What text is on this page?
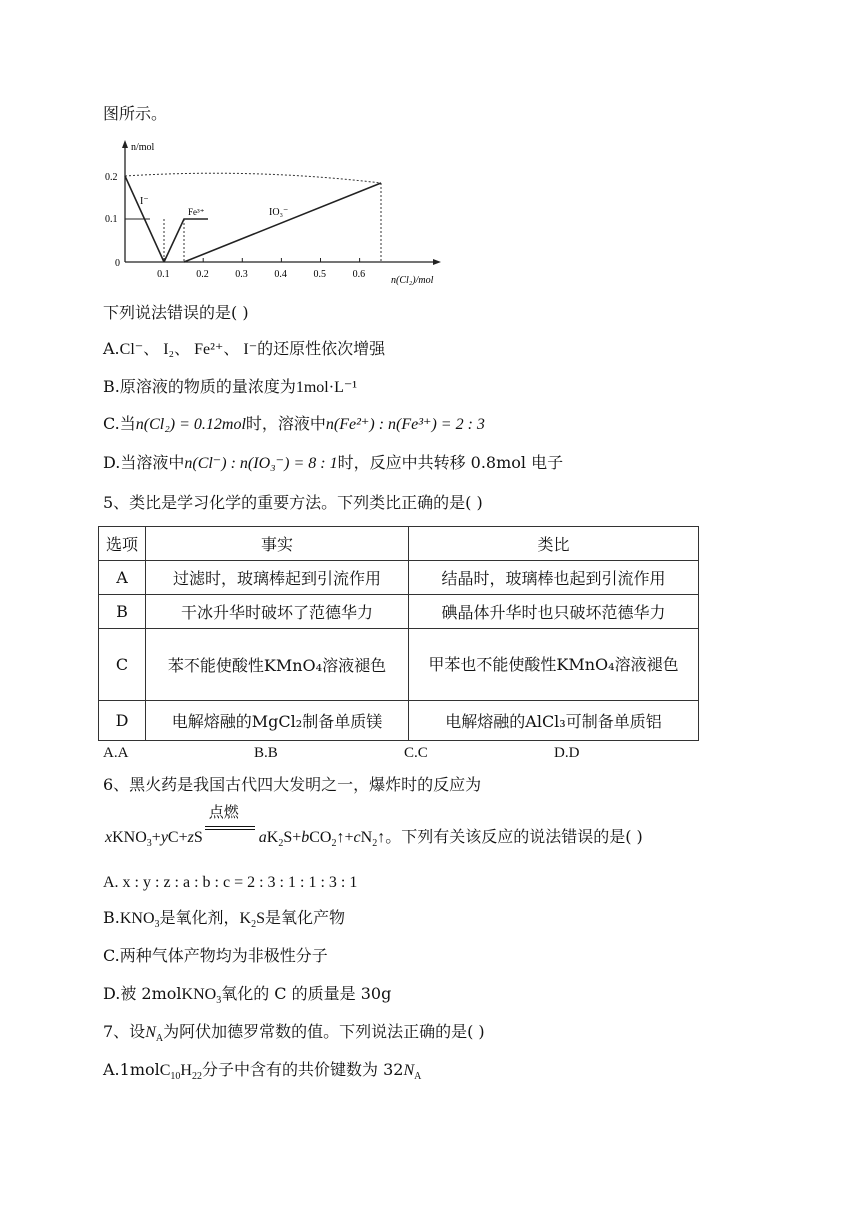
图所示。
n/mol
n(Cl₂)/mol
0.2
0.1
0
0.1	0.2	0.3	0.4	0.5	0.6
I⁻
Fe³⁺	IO₃⁻
下列说法错误的是( )
A.Cl⁻、 I₂、 Fe²⁺、 I⁻的还原性依次增强
B.原溶液的物质的量浓度为1mol·L⁻¹
C.当n(Cl₂) = 0.12mol时，溶液中n(Fe²⁺) : n(Fe³⁺) = 2 : 3
D.当溶液中n(Cl⁻) : n(IO₃⁻) = 8 : 1时，反应中共转移 0.8mol 电子
5、类比是学习化学的重要方法。下列类比正确的是( )
选项	事实	类比
A	过滤时，玻璃棒起到引流作用	结晶时，玻璃棒也起到引流作用
B	干冰升华时破坏了范德华力	碘晶体升华时也只破坏范德华力
C	苯不能使酸性KMnO₄溶液褪色	甲苯也不能使酸性KMnO₄溶液褪色
D	电解熔融的MgCl₂制备单质镁	电解熔融的AlCl₃可制备单质铝
A.A	B.B	C.C	D.D
6、黑火药是我国古代四大发明之一，爆炸时的反应为
xKNO$_3$+yC+zS
点燃
$aK_2S+bCO_2↑+cN_2↑$。下列有关该反应的说法错误的是( )
A. x : y : z : a : b : c = 2 : 3 : 1 : 1 : 3 : 1
$B.KNO_3$是氧化剂，$K_2S$是氧化产物
C.两种气体产物均为非极性分子
D.被 2molKNO$_3$氧化的 C 的质量是 30g
7、设$N_A$为阿伏加德罗常数的值。下列说法正确的是( )
$A.1molC_{10}H_{22}$分子中含有的共价键数为 $32N_A$
